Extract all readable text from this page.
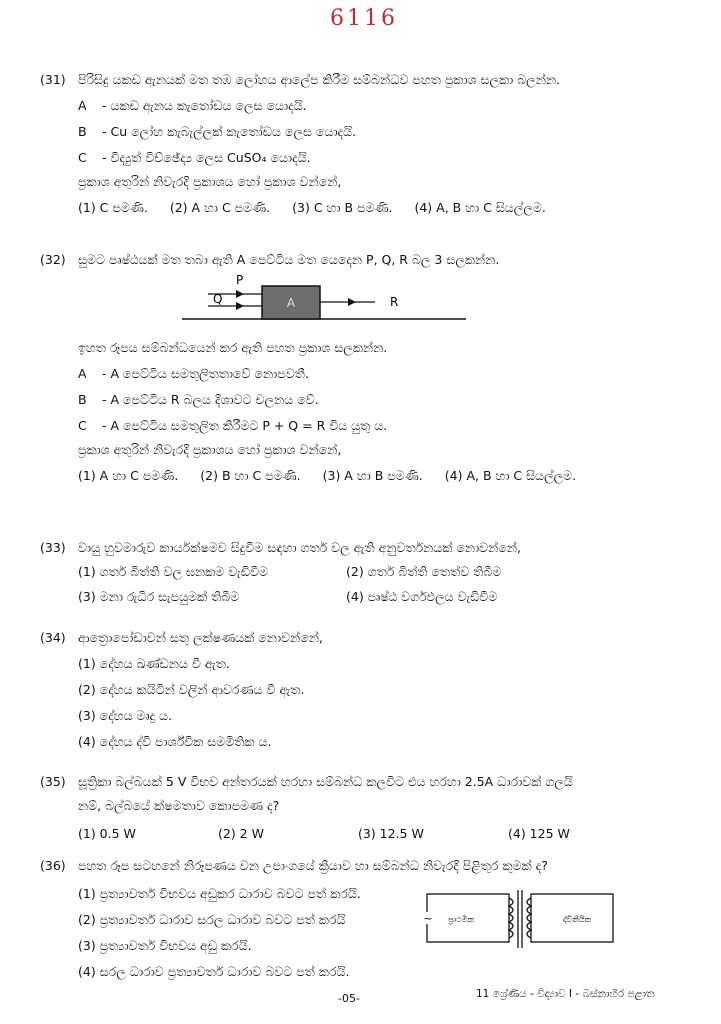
6116
(31) පිරිසිදු යකඩ ඇනයක් මත තඹ ලෝහය ආලේප කිරීම සම්බන්ධව පහත ප්‍රකාශ සලකා බලන්න.
A	- යකඩ ඇනය කැතෝඩය ලෙස යොදයි.
B	- Cu ලෝහ කැබැල්ලක් කැතෝඩය ලෙස යොදයි.
C	- විද්‍යුත් විච්ඡේද්‍ය ලෙස CuSO₄ යොදයි.
ප්‍රකාශ අතුරින් නිවැරදි ප්‍රකාශය හෝ ප්‍රකාශ වන්නේ,
(1) C පමණි. (2) A හා C පමණි. (3) C හා B පමණි. (4) A, B හා C සියල්ලම.
(32) සුමට පෘෂ්ඨයක් මත තබා ඇති A පෙට්ටිය මත යෙදෙන P, Q, R බල 3 සලකන්න.
A
P
Q	R
ඉහත රූපය සම්බන්ධයෙන් කර ඇති පහත ප්‍රකාශ සලකන්න.
A	- A පෙට්ටිය සමතුලිතතාවේ නොපවතී.
B	- A පෙට්ටිය R බලය දිශාවට චලනය වේ.
C	- A පෙට්ටිය සමතුලිත කිරීමට P + Q = R විය යුතු ය.
ප්‍රකාශ අතුරින් නිවැරදි ප්‍රකාශය හෝ ප්‍රකාශ වන්නේ,
(1) A හා C පමණි. (2) B හා C පමණි. (3) A හා B පමණි. (4) A, B හා C සියල්ලම.
(33) වායු හුවමාරුව කාර්යක්ෂමව සිදුවීම සඳහා ගර්ත වල ඇති අනුවර්තනයක් නොවන්නේ,
(1) ගර්ත බිත්ති වල ඝනකම වැඩිවීම	(2) ගර්ත බිත්ති තෙත්ව තිබීම
(3) මනා රුධිර සැපයුමක් තිබීම	(4) පෘෂ්ඨ වර්ගඵලය වැඩිවීම
(34) ආත්‍රොපෝඩාවන් සතු ලක්ෂණයක් නොවන්නේ,
(1) දේහය ඛණ්ඩනය වී ඇත.
(2) දේහය කයිටින් වලින් ආවරණය වී ඇත.
(3) දේහය මෘදු ය.
(4) දේහය ද්වි පාර්ශ්වික සමමිතික ය.
(35) සූත්‍රිකා බල්බයක් 5 V විභව අන්තරයක් හරහා සම්බන්ධ කලවිට එය හරහා 2.5A ධාරාවක් ගලයි
නම්, බල්බයේ ක්ෂමතාව කොපමණ ද?
(1) 0.5 W	(2) 2 W	(3) 12.5 W	(4) 125 W
(36) පහත රූප සටහනේ නිරූපණය වන උපාංගයේ ක්‍රියාව හා සම්බන්ධ නිවැරදි පිළිතුර කුමක් ද?
(1) ප්‍රත්‍යාවර්ත විභවය අඩුකර ධාරාව බවට පත් කරයි.
(2) ප්‍රත්‍යාවර්ත ධාරාව සරල ධාරාව බවට පත් කරයි
(3) ප්‍රත්‍යාවර්ත විභවය අඩු කරයි.
(4) සරල ධාරාව ප්‍රත්‍යාවර්ත ධාරාව බවට පත් කරයි.
~ ප්‍රාථමික	ද්විතීයික
-05-	11 ශ්‍රේණිය - විද්‍යාව I - බස්නාහිර පළාත
